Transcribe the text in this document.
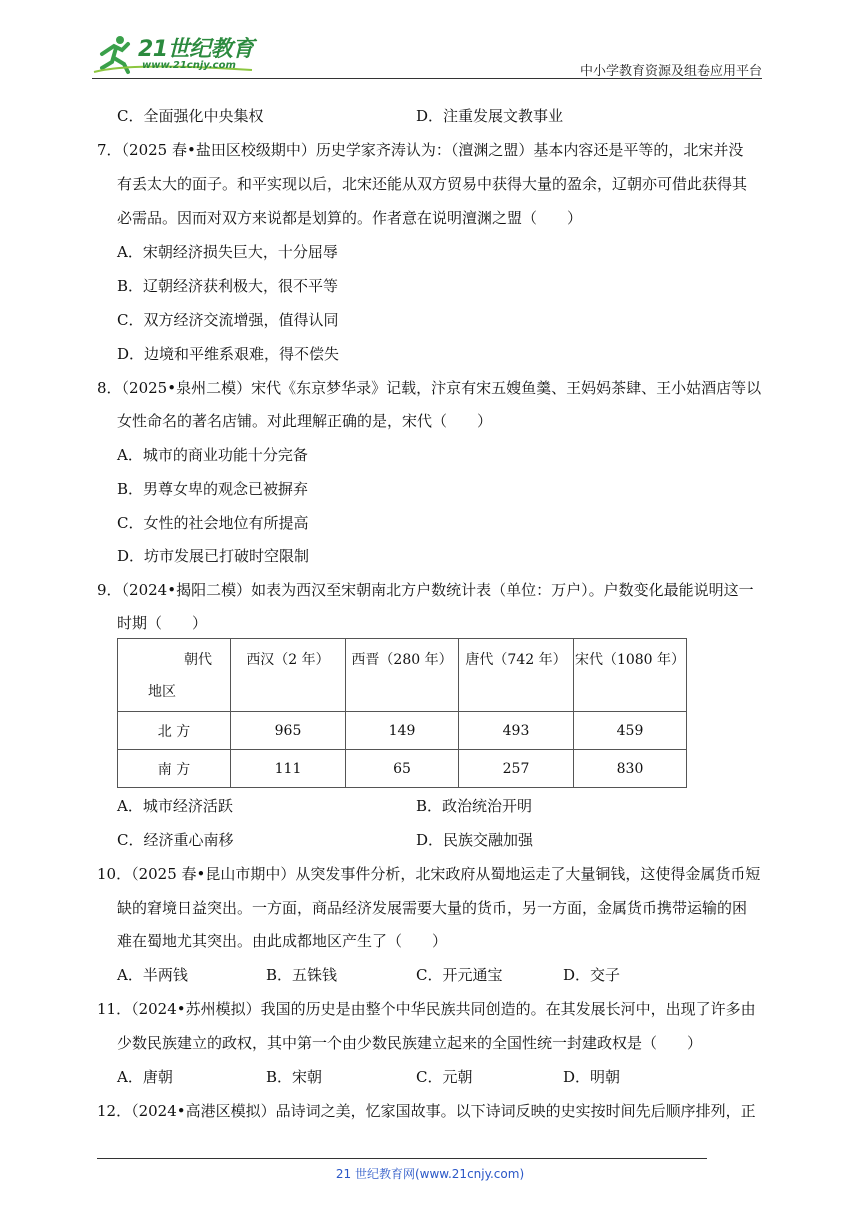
21世纪教育
www.21cnjy.com	中小学教育资源及组卷应用平台
C．全面强化中央集权	D．注重发展文教事业
7．（2025 春•盐田区校级期中）历史学家齐涛认为：（澶渊之盟）基本内容还是平等的，北宋并没
有丢太大的面子。和平实现以后，北宋还能从双方贸易中获得大量的盈余，辽朝亦可借此获得其
必需品。因而对双方来说都是划算的。作者意在说明澶渊之盟（　　）
A．宋朝经济损失巨大，十分屈辱
B．辽朝经济获利极大，很不平等
C．双方经济交流增强，值得认同
D．边境和平维系艰难，得不偿失
8．（2025•泉州二模）宋代《东京梦华录》记载，汴京有宋五嫂鱼羹、王妈妈茶肆、王小姑酒店等以
女性命名的著名店铺。对此理解正确的是，宋代（　　）
A．城市的商业功能十分完备
B．男尊女卑的观念已被摒弃
C．女性的社会地位有所提高
D．坊市发展已打破时空限制
9．（2024•揭阳二模）如表为西汉至宋朝南北方户数统计表（单位：万户）。户数变化最能说明这一
时期（　　）
朝代
地区	西汉（2 年）	西晋（280 年）	唐代（742 年）	宋代（1080 年）
北 方	965	149	493	459
南 方	111	65	257	830
A．城市经济活跃	B．政治统治开明
C．经济重心南移	D．民族交融加强
10．（2025 春•昆山市期中）从突发事件分析，北宋政府从蜀地运走了大量铜钱，这使得金属货币短
缺的窘境日益突出。一方面，商品经济发展需要大量的货币，另一方面，金属货币携带运输的困
难在蜀地尤其突出。由此成都地区产生了（　　）
A．半两钱	B．五铢钱	C．开元通宝	D．交子
11．（2024•苏州模拟）我国的历史是由整个中华民族共同创造的。在其发展长河中，出现了许多由
少数民族建立的政权，其中第一个由少数民族建立起来的全国性统一封建政权是（　　）
A．唐朝	B．宋朝	C．元朝	D．明朝
12．（2024•高港区模拟）品诗词之美，忆家国故事。以下诗词反映的史实按时间先后顺序排列，正
21 世纪教育网(www.21cnjy.com)
